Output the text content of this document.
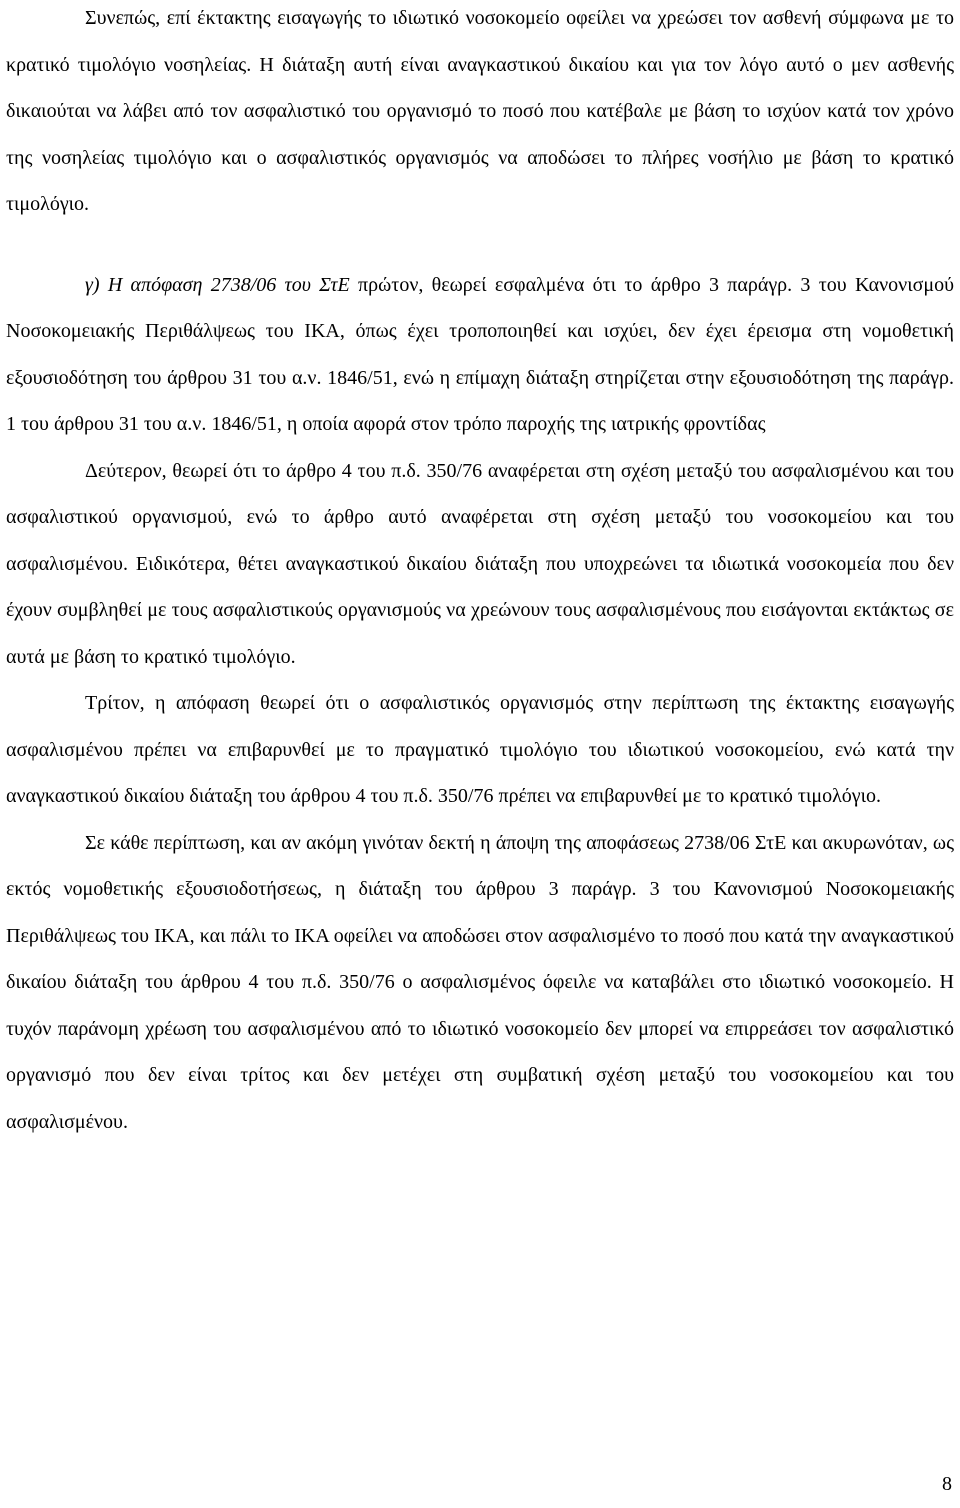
Συνεπώς, επί έκτακτης εισαγωγής το ιδιωτικό νοσοκομείο οφείλει να χρεώσει τον ασθενή σύμφωνα με το κρατικό τιμολόγιο νοσηλείας. Η διάταξη αυτή είναι αναγκαστικού δικαίου και για τον λόγο αυτό ο μεν ασθενής δικαιούται να λάβει από τον ασφαλιστικό του οργανισμό το ποσό που κατέβαλε με βάση το ισχύον κατά τον χρόνο της νοσηλείας τιμολόγιο και ο ασφαλιστικός οργανισμός να αποδώσει το πλήρες νοσήλιο με βάση το κρατικό τιμολόγιο.

γ) Η απόφαση 2738/06 του ΣτΕ πρώτον, θεωρεί εσφαλμένα ότι το άρθρο 3 παράγρ. 3 του Κανονισμού Νοσοκομειακής Περιθάλψεως του ΙΚΑ, όπως έχει τροποποιηθεί και ισχύει, δεν έχει έρεισμα στη νομοθετική εξουσιοδότηση του άρθρου 31 του α.ν. 1846/51, ενώ η επίμαχη διάταξη στηρίζεται στην εξουσιοδότηση της παράγρ. 1 του άρθρου 31 του α.ν. 1846/51, η οποία αφορά στον τρόπο παροχής της ιατρικής φροντίδας

Δεύτερον, θεωρεί ότι το άρθρο 4 του π.δ. 350/76 αναφέρεται στη σχέση μεταξύ του ασφαλισμένου και του ασφαλιστικού οργανισμού, ενώ το άρθρο αυτό αναφέρεται στη σχέση μεταξύ του νοσοκομείου και του ασφαλισμένου. Ειδικότερα, θέτει αναγκαστικού δικαίου διάταξη που υποχρεώνει τα ιδιωτικά νοσοκομεία που δεν έχουν συμβληθεί με τους ασφαλιστικούς οργανισμούς να χρεώνουν τους ασφαλισμένους που εισάγονται εκτάκτως σε αυτά με βάση το κρατικό τιμολόγιο.

Τρίτον, η απόφαση θεωρεί ότι ο ασφαλιστικός οργανισμός στην περίπτωση της έκτακτης εισαγωγής ασφαλισμένου πρέπει να επιβαρυνθεί με το πραγματικό τιμολόγιο του ιδιωτικού νοσοκομείου, ενώ κατά την αναγκαστικού δικαίου διάταξη του άρθρου 4 του π.δ. 350/76 πρέπει να επιβαρυνθεί με το κρατικό τιμολόγιο.

Σε κάθε περίπτωση, και αν ακόμη γινόταν δεκτή η άποψη της αποφάσεως 2738/06 ΣτΕ και ακυρωνόταν, ως εκτός νομοθετικής εξουσιοδοτήσεως, η διάταξη του άρθρου 3 παράγρ. 3 του Κανονισμού Νοσοκομειακής Περιθάλψεως του ΙΚΑ, και πάλι το ΙΚΑ οφείλει να αποδώσει στον ασφαλισμένο το ποσό που κατά την αναγκαστικού δικαίου διάταξη του άρθρου 4 του π.δ. 350/76 ο ασφαλισμένος όφειλε να καταβάλει στο ιδιωτικό νοσοκομείο. Η τυχόν παράνομη χρέωση του ασφαλισμένου από το ιδιωτικό νοσοκομείο δεν μπορεί να επιρρεάσει τον ασφαλιστικό οργανισμό που δεν είναι τρίτος και δεν μετέχει στη συμβατική σχέση μεταξύ του νοσοκομείου και του ασφαλισμένου.

8
